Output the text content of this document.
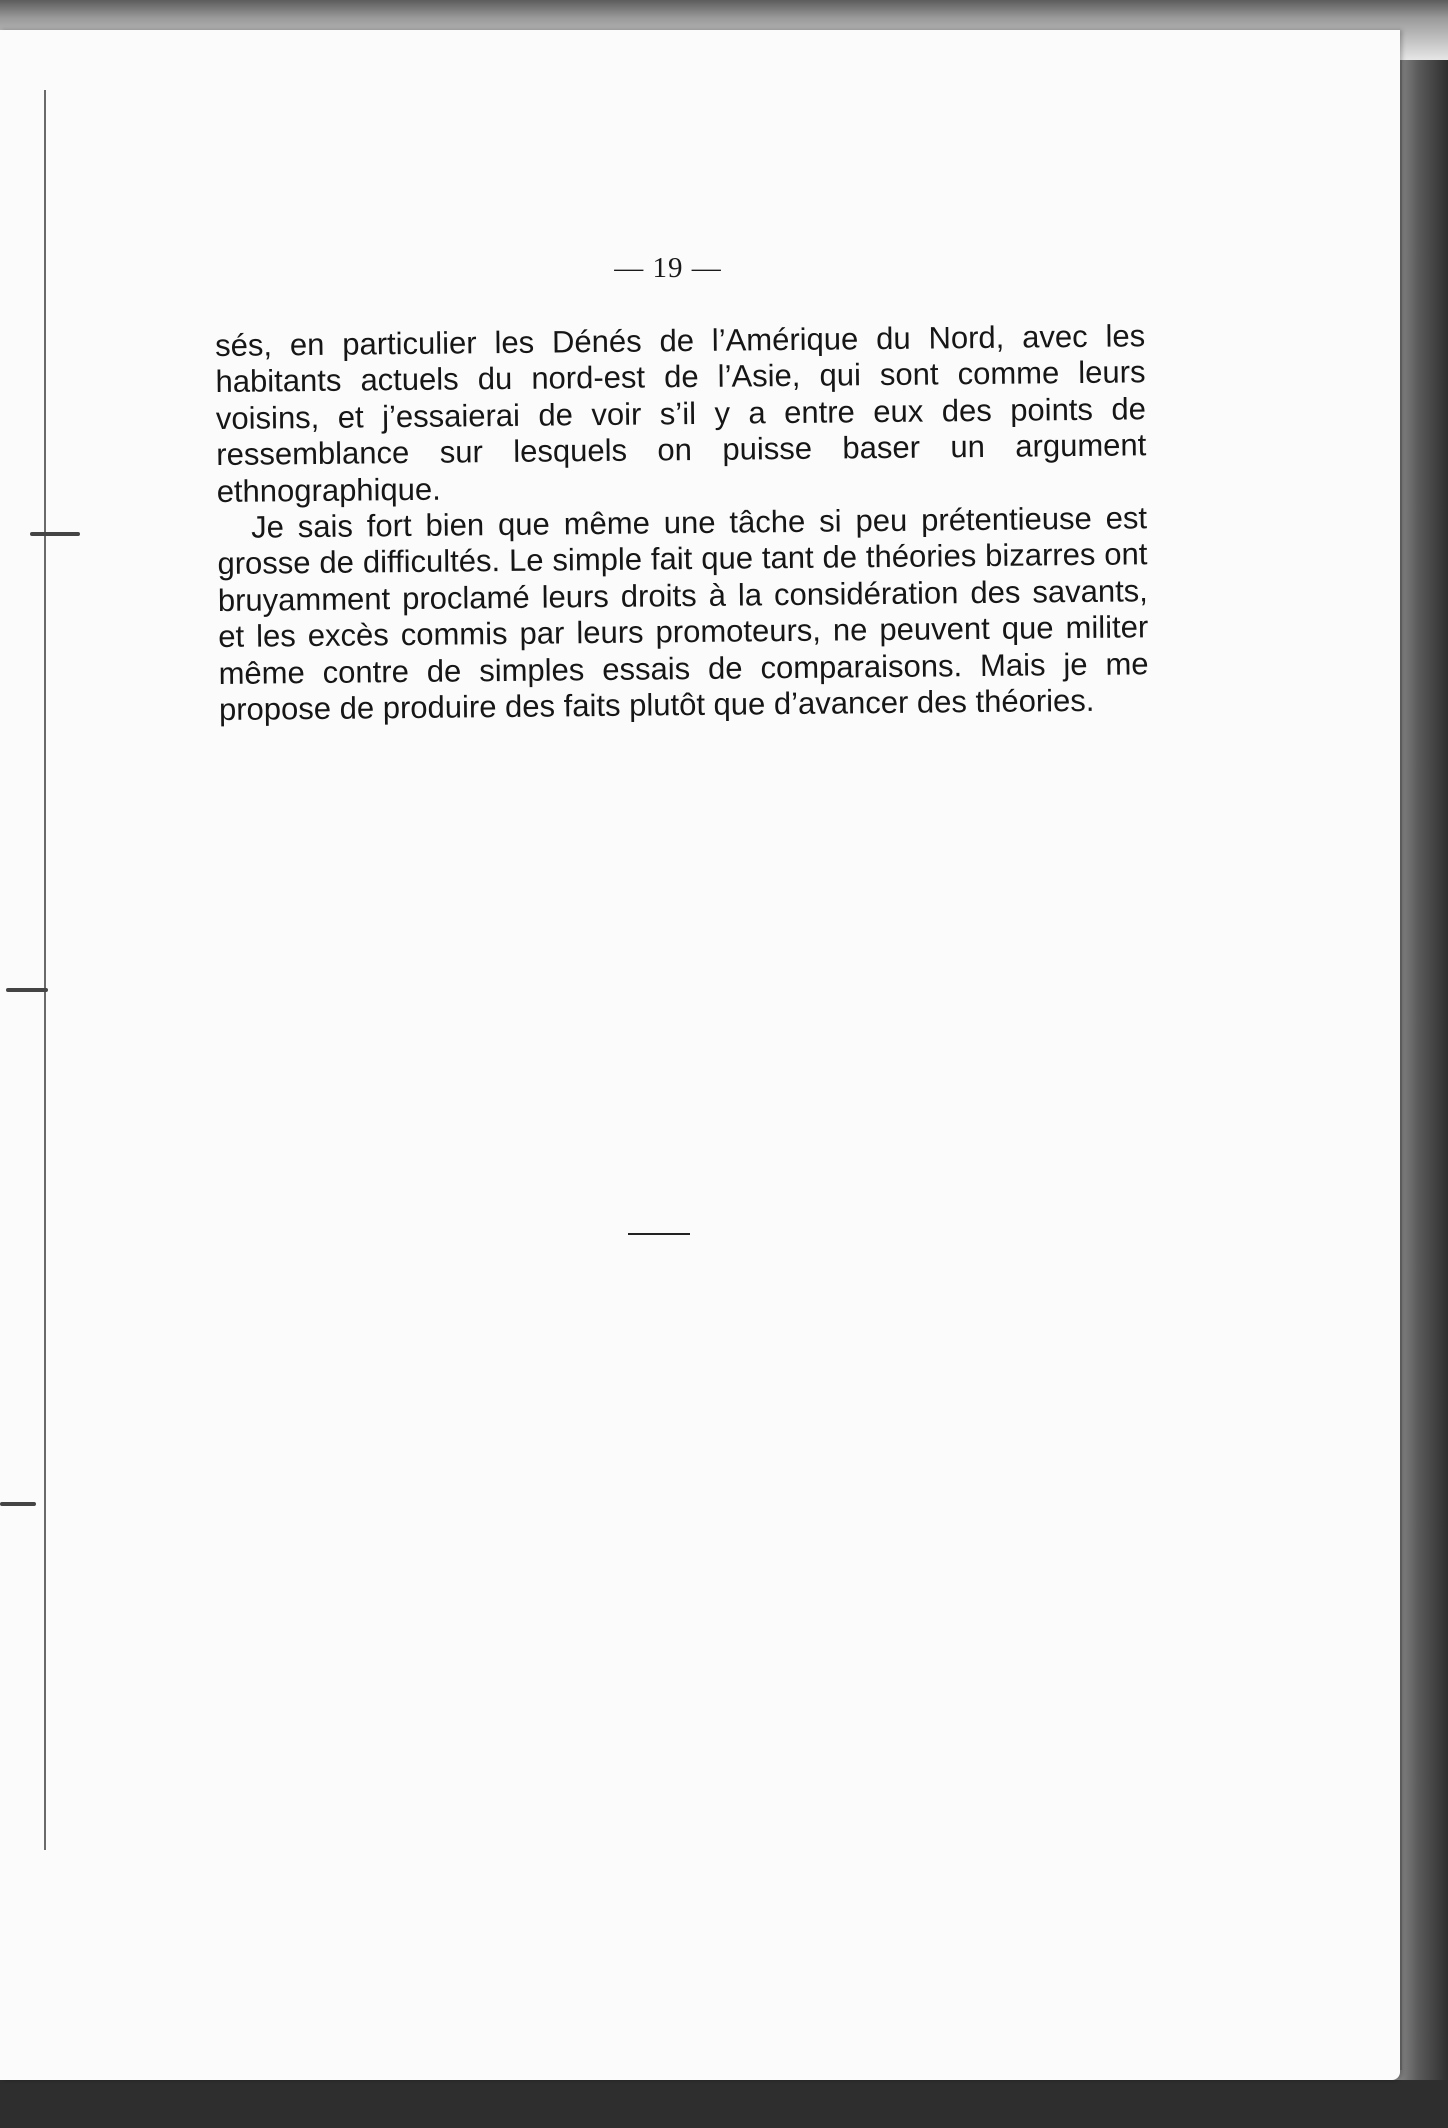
— 19 —

sés, en particulier les Dénés de l’Amérique du Nord, avec les habitants actuels du nord-est de l’Asie, qui sont comme leurs voisins, et j’essaierai de voir s’il y a entre eux des points de ressemblance sur lesquels on puisse baser un argument ethnographique.

Je sais fort bien que même une tâche si peu prétentieuse est grosse de difficultés. Le simple fait que tant de théories bizarres ont bruyamment proclamé leurs droits à la considération des savants, et les excès commis par leurs promoteurs, ne peuvent que militer même contre de simples essais de comparaisons. Mais je me propose de produire des faits plutôt que d’avancer des théories.
